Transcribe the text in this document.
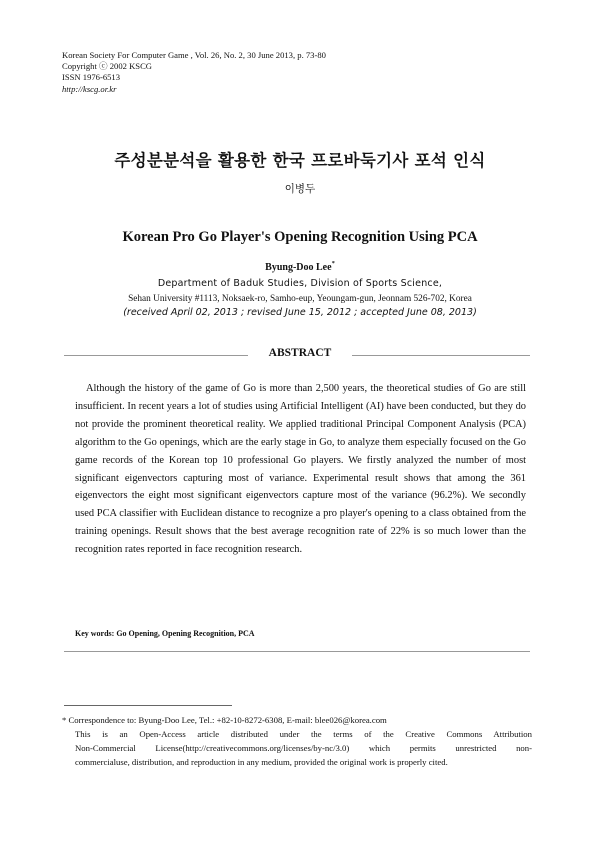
Korean Society For Computer Game , Vol. 26, No. 2, 30 June 2013, p. 73-80
Copyright ⓒ 2002 KSCG
ISSN 1976-6513
http://kscg.or.kr
주성분분석을 활용한 한국 프로바둑기사 포석 인식
이병두
Korean Pro Go Player's Opening Recognition Using PCA
Byung-Doo Lee*
Department of Baduk Studies, Division of Sports Science,
Sehan University #1113, Noksaek-ro, Samho-eup, Yeoungam-gun, Jeonnam 526-702, Korea
(received April 02, 2013 ; revised June 15, 2012 ; accepted June 08, 2013)
ABSTRACT

Although the history of the game of Go is more than 2,500 years, the theoretical studies of Go are still insufficient. In recent years a lot of studies using Artificial Intelligent (AI) have been conducted, but they do not provide the prominent theoretical reality. We applied traditional Principal Component Analysis (PCA) algorithm to the Go openings, which are the early stage in Go, to analyze them especially focused on the Go game records of the Korean top 10 professional Go players. We firstly analyzed the number of most significant eigenvectors capturing most of variance. Experimental result shows that among the 361 eigenvectors the eight most significant eigenvectors capture most of the variance (96.2%). We secondly used PCA classifier with Euclidean distance to recognize a pro player's opening to a class obtained from the training openings. Result shows that the best average recognition rate of 22% is so much lower than the recognition rates reported in face recognition research.

Key words: Go Opening, Opening Recognition, PCA
* Correspondence to: Byung-Doo Lee, Tel.: +82-10-8272-6308, E-mail: blee026@korea.com
This is an Open-Access article distributed under the terms of the Creative Commons Attribution
Non-Commercial License(http://creativecommons.org/licenses/by-nc/3.0) which permits unrestricted non-
commercialuse, distribution, and reproduction in any medium, provided the original work is properly cited.
